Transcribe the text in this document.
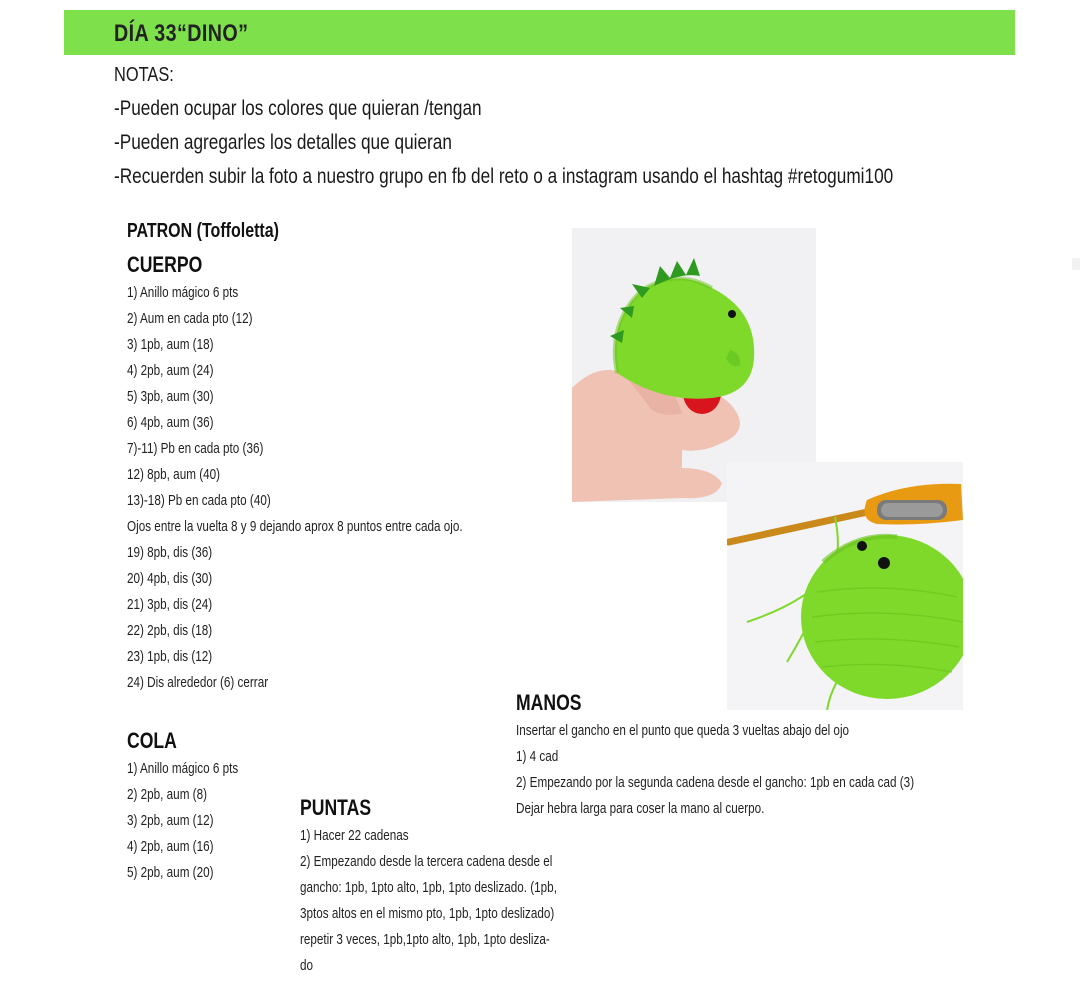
DÍA 33“DINO”
NOTAS:
-Pueden ocupar los colores que quieran /tengan
-Pueden agregarles los detalles que quieran
-Recuerden subir la foto a nuestro grupo en fb del reto o a instagram usando el hashtag #retogumi100
PATRON (Toffoletta)
CUERPO
1) Anillo mágico 6 pts
2) Aum en cada pto (12)
3) 1pb, aum (18)
4) 2pb, aum (24)
5) 3pb, aum (30)
6) 4pb, aum (36)
7)-11) Pb en cada pto (36)
12) 8pb, aum (40)
13)-18) Pb en cada pto (40)
Ojos entre la vuelta 8 y 9 dejando aprox 8 puntos entre cada ojo.
19) 8pb, dis (36)
20) 4pb, dis (30)
21) 3pb, dis (24)
22) 2pb, dis (18)
23) 1pb, dis (12)
24) Dis alrededor (6) cerrar
COLA
1) Anillo mágico 6 pts
2) 2pb, aum (8)
3) 2pb, aum (12)
4) 2pb, aum (16)
5) 2pb, aum (20)
PUNTAS
1) Hacer 22 cadenas
2) Empezando desde la tercera cadena desde el
gancho: 1pb, 1pto alto, 1pb, 1pto deslizado. (1pb,
3ptos altos en el mismo pto, 1pb, 1pto deslizado)
repetir 3 veces, 1pb,1pto alto, 1pb, 1pto desliza-
do
MANOS
Insertar el gancho en el punto que queda 3 vueltas abajo del ojo
1) 4 cad
2) Empezando por la segunda cadena desde el gancho: 1pb en cada cad (3)
Dejar hebra larga para coser la mano al cuerpo.
